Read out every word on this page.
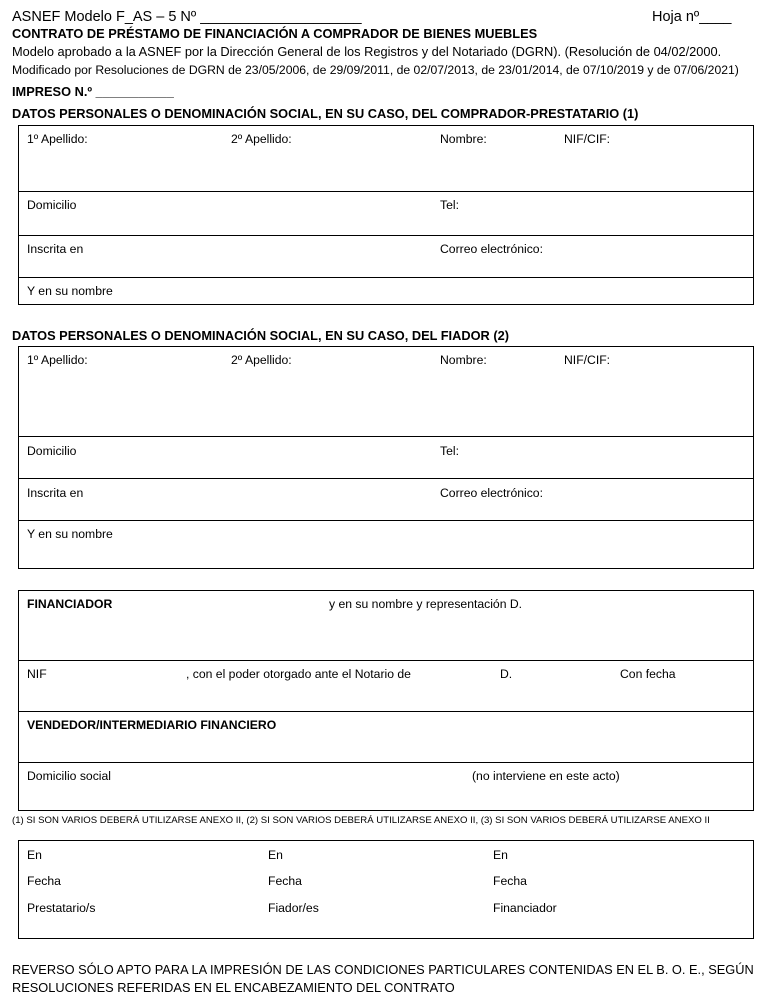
ASNEF Modelo F_AS – 5 Nº ____________________	Hoja nº____
CONTRATO DE PRÉSTAMO DE FINANCIACIÓN A COMPRADOR DE BIENES MUEBLES
Modelo aprobado a la ASNEF por la Dirección General de los Registros y del Notariado (DGRN). (Resolución de 04/02/2000.
Modificado por Resoluciones de DGRN de 23/05/2006, de 29/09/2011, de 02/07/2013, de 23/01/2014, de 07/10/2019 y de 07/06/2021)
IMPRESO N.º ___________
DATOS PERSONALES O DENOMINACIÓN SOCIAL, EN SU CASO, DEL COMPRADOR-PRESTATARIO (1)
1º Apellido:	2º Apellido:	Nombre:	NIF/CIF:
Domicilio	Tel:
Inscrita en	Correo electrónico:
Y en su nombre
DATOS PERSONALES O DENOMINACIÓN SOCIAL, EN SU CASO, DEL FIADOR (2)
1º Apellido:	2º Apellido:	Nombre:	NIF/CIF:
Domicilio	Tel:
Inscrita en	Correo electrónico:
Y en su nombre
FINANCIADOR	y en su nombre y representación D.
NIF	, con el poder otorgado ante el Notario de	D.	Con fecha
VENDEDOR/INTERMEDIARIO FINANCIERO
Domicilio social	(no interviene en este acto)
(1) SI SON VARIOS DEBERÁ UTILIZARSE ANEXO II, (2) SI SON VARIOS DEBERÁ UTILIZARSE ANEXO II, (3) SI SON VARIOS DEBERÁ UTILIZARSE ANEXO II
En	En	En
Fecha	Fecha	Fecha
Prestatario/s	Fiador/es	Financiador
REVERSO SÓLO APTO PARA LA IMPRESIÓN DE LAS CONDICIONES PARTICULARES CONTENIDAS EN EL B. O. E., SEGÚN
RESOLUCIONES REFERIDAS EN EL ENCABEZAMIENTO DEL CONTRATO
